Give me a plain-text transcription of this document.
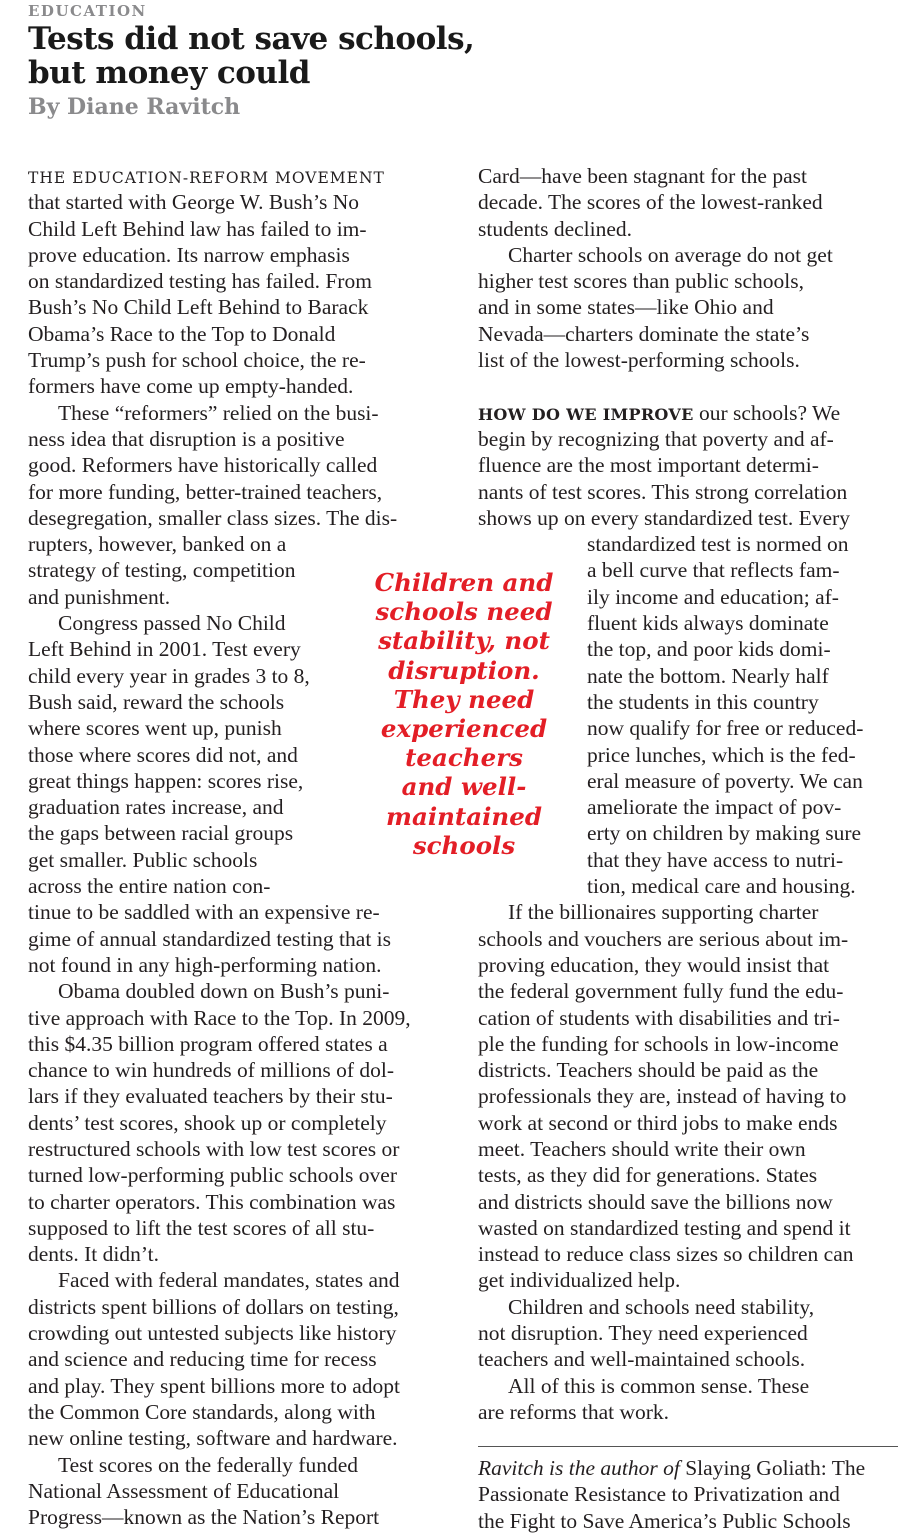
EDUCATION
Tests did not save schools,
but money could
By Diane Ravitch
THE EDUCATION-REFORM MOVEMENT
that started with George W. Bush’s No
Child Left Behind law has failed to im-
prove education. Its narrow emphasis
on standardized testing has failed. From
Bush’s No Child Left Behind to Barack
Obama’s Race to the Top to Donald
Trump’s push for school choice, the re-
formers have come up empty-handed.
These “reformers” relied on the busi-
ness idea that disruption is a positive
good. Reformers have historically called
for more funding, better-trained teachers,
desegregation, smaller class sizes. The dis-
rupters, however, banked on a
strategy of testing, competition
and punishment.
Congress passed No Child
Left Behind in 2001. Test every
child every year in grades 3 to 8,
Bush said, reward the schools
where scores went up, punish
those where scores did not, and
great things happen: scores rise,
graduation rates increase, and
the gaps between racial groups
get smaller. Public schools
across the entire nation con-
tinue to be saddled with an expensive re-
gime of annual standardized testing that is
not found in any high-performing nation.
Obama doubled down on Bush’s puni-
tive approach with Race to the Top. In 2009,
this $4.35 billion program offered states a
chance to win hundreds of millions of dol-
lars if they evaluated teachers by their stu-
dents’ test scores, shook up or completely
restructured schools with low test scores or
turned low-performing public schools over
to charter operators. This combination was
supposed to lift the test scores of all stu-
dents. It didn’t.
Faced with federal mandates, states and
districts spent billions of dollars on testing,
crowding out untested subjects like history
and science and reducing time for recess
and play. They spent billions more to adopt
the Common Core standards, along with
new online testing, software and hardware.
Test scores on the federally funded
National Assessment of Educational
Progress—known as the Nation’s Report
Children and
schools need
stability, not
disruption.
They need
experienced
teachers
and well-
maintained
schools
Card—have been stagnant for the past
decade. The scores of the lowest-ranked
students declined.
Charter schools on average do not get
higher test scores than public schools,
and in some states—like Ohio and
Nevada—charters dominate the state’s
list of the lowest-performing schools.
HOW DO WE IMPROVE our schools? We
begin by recognizing that poverty and af-
fluence are the most important determi-
nants of test scores. This strong correlation
shows up on every standardized test. Every
standardized test is normed on
a bell curve that reflects fam-
ily income and education; af-
fluent kids always dominate
the top, and poor kids domi-
nate the bottom. Nearly half
the students in this country
now qualify for free or reduced-
price lunches, which is the fed-
eral measure of poverty. We can
ameliorate the impact of pov-
erty on children by making sure
that they have access to nutri-
tion, medical care and housing.
If the billionaires supporting charter
schools and vouchers are serious about im-
proving education, they would insist that
the federal government fully fund the edu-
cation of students with disabilities and tri-
ple the funding for schools in low-income
districts. Teachers should be paid as the
professionals they are, instead of having to
work at second or third jobs to make ends
meet. Teachers should write their own
tests, as they did for generations. States
and districts should save the billions now
wasted on standardized testing and spend it
instead to reduce class sizes so children can
get individualized help.
Children and schools need stability,
not disruption. They need experienced
teachers and well-maintained schools.
All of this is common sense. These
are reforms that work.
Ravitch is the author of Slaying Goliath: The
Passionate Resistance to Privatization and
the Fight to Save America’s Public Schools
